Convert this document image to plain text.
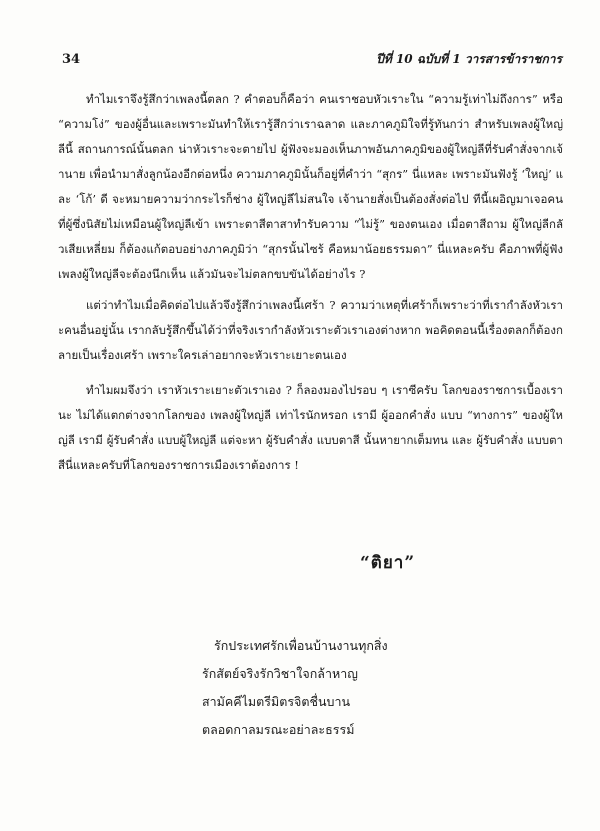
34	ปีที่ 10 ฉบับที่ 1 วารสารข้าราชการ

ทำไมเราจึงรู้สึกว่าเพลงนี้ตลก ? คำตอบก็คือว่า คนเราชอบหัวเราะใน “ความรู้เท่าไม่ถึงการ” หรือ “ความโง่” ของผู้อื่นและเพราะมันทำให้เรารู้สึกว่าเราฉลาด และภาคภูมิใจที่รู้ทันกว่า สำหรับเพลงผู้ใหญ่ลีนี้ สถานการณ์นั้นตลก น่าหัวเราะจะตายไป ผู้ฟังจะมองเห็นภาพอันภาคภูมิของผู้ใหญ่ลีที่รับคำสั่งจากเจ้านาย เพื่อนำมาสั่งลูกน้องอีกต่อหนึ่ง ความภาคภูมินั้นก็อยู่ที่คำว่า “สุกร” นี่แหละ เพราะมันฟังรู้ ‘ใหญ่’ และ ‘โก้’ ดี จะหมายความว่ากระไรก็ช่าง ผู้ใหญ่ลีไม่สนใจ เจ้านายสั่งเป็นต้องสั่งต่อไป ทีนี้เผอิญมาเจอคนที่ผู้ซึ่งนิสัยไม่เหมือนผู้ใหญ่ลีเข้า เพราะตาสีตาสาทำรับความ “ไม่รู้” ของตนเอง เมื่อตาสีถาม ผู้ใหญ่ลีกลัวเสียเหลี่ยม ก็ต้องแก้ตอบอย่างภาคภูมิว่า “สุกรนั้นไซร้ คือหมาน้อยธรรมดา” นี่แหละครับ คือภาพที่ผู้ฟังเพลงผู้ใหญ่ลีจะต้องนึกเห็น แล้วมันจะไม่ตลกขบขันได้อย่างไร ?

แต่ว่าทำไมเมื่อคิดต่อไปแล้วจึงรู้สึกว่าเพลงนี้เศร้า ? ความว่าเหตุที่เศร้าก็เพราะว่าที่เรากำลังหัวเราะคนอื่นอยู่นั้น เรากลับรู้สึกขึ้นได้ว่าที่จริงเรากำลังหัวเราะตัวเราเองต่างหาก พอคิดตอนนี้เรื่องตลกก็ต้องกลายเป็นเรื่องเศร้า เพราะใครเล่าอยากจะหัวเราะเยาะตนเอง

ทำไมผมจึงว่า เราหัวเราะเยาะตัวเราเอง ? ก็ลองมองไปรอบ ๆ เราซีครับ โลกของราชการเบื้องเรานะ ไม่ได้แตกต่างจากโลกของ เพลงผู้ใหญ่ลี เท่าไรนักหรอก เรามี ผู้ออกคำสั่ง แบบ “ทางการ” ของผู้ใหญ่ลี เรามี ผู้รับคำสั่ง แบบผู้ใหญ่ลี แต่จะหา ผู้รับคำสั่ง แบบตาสี นั้นหายากเต็มทน และ ผู้รับคำสั่ง แบบตาสีนี่แหละครับที่โลกของราชการเมืองเราต้องการ !

“ติยา”
รักประเทศรักเพื่อนบ้านงานทุกสิ่ง
รักสัตย์จริงรักวิชาใจกล้าหาญ
สามัคคีไมตรีมิตรจิตชื่นบาน
ตลอดกาลมรณะอย่าละธรรม์
